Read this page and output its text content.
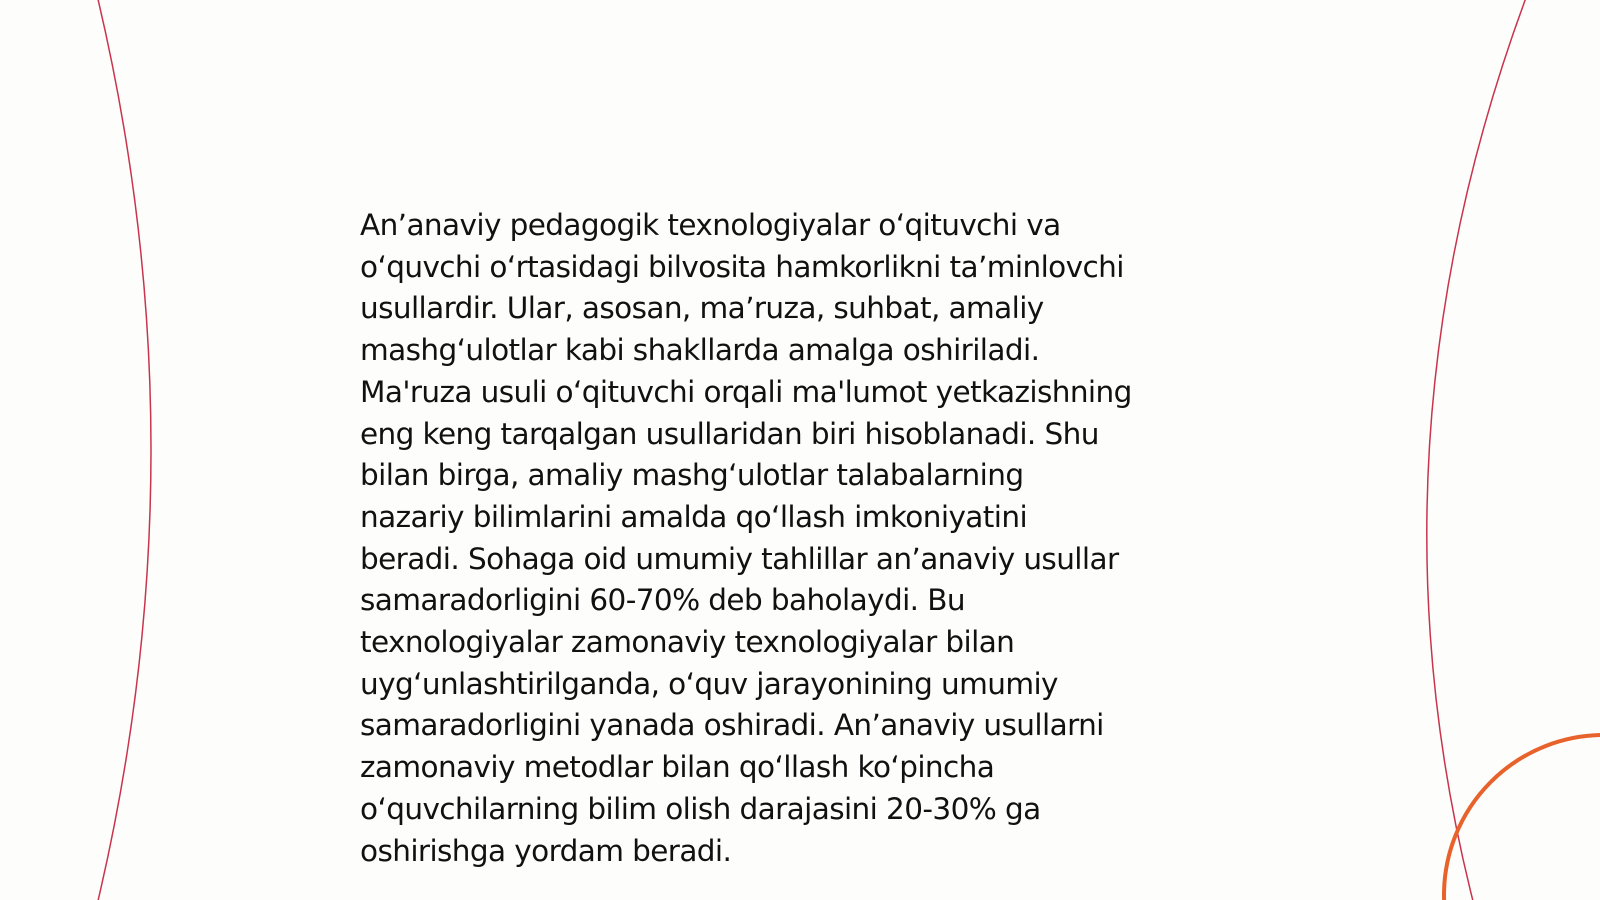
An’anaviy pedagogik texnologiyalar o‘qituvchi va
o‘quvchi o‘rtasidagi bilvosita hamkorlikni ta’minlovchi
usullardir. Ular, asosan, ma’ruza, suhbat, amaliy
mashg‘ulotlar kabi shakllarda amalga oshiriladi.
Ma'ruza usuli o‘qituvchi orqali ma'lumot yetkazishning
eng keng tarqalgan usullaridan biri hisoblanadi. Shu
bilan birga, amaliy mashg‘ulotlar talabalarning
nazariy bilimlarini amalda qo‘llash imkoniyatini
beradi. Sohaga oid umumiy tahlillar an’anaviy usullar
samaradorligini 60-70% deb baholaydi. Bu
texnologiyalar zamonaviy texnologiyalar bilan
uyg‘unlashtirilganda, o‘quv jarayonining umumiy
samaradorligini yanada oshiradi. An’anaviy usullarni
zamonaviy metodlar bilan qo‘llash ko‘pincha
o‘quvchilarning bilim olish darajasini 20-30% ga
oshirishga yordam beradi.
